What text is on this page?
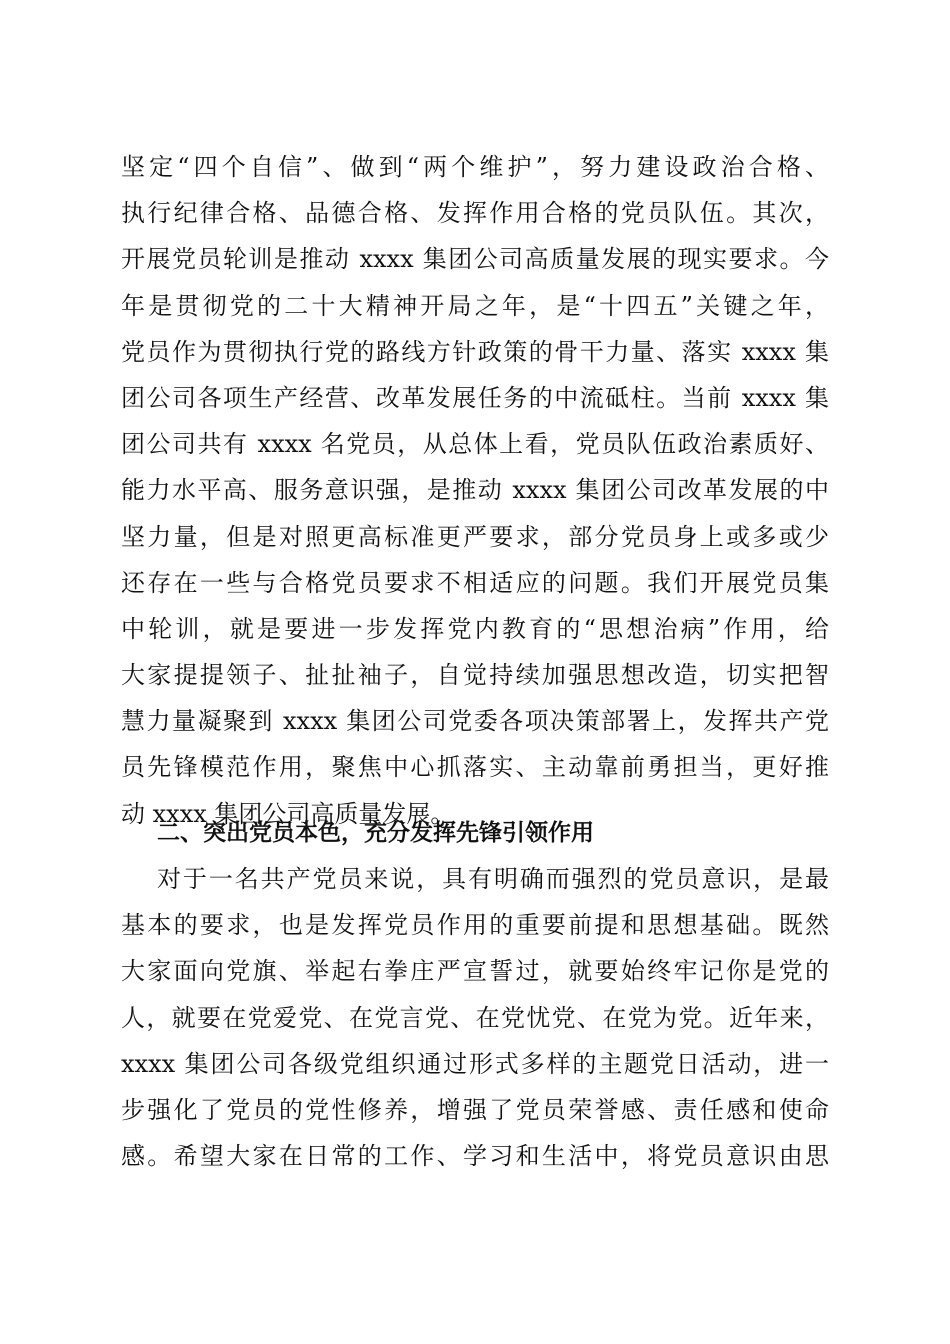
坚定“四个自信”、做到“两个维护”，努力建设政治合格、
执行纪律合格、品德合格、发挥作用合格的党员队伍。其次，
开展党员轮训是推动 xxxx 集团公司高质量发展的现实要求。今
年是贯彻党的二十大精神开局之年，是“十四五”关键之年，
党员作为贯彻执行党的路线方针政策的骨干力量、落实 xxxx 集
团公司各项生产经营、改革发展任务的中流砥柱。当前 xxxx 集
团公司共有 xxxx 名党员，从总体上看，党员队伍政治素质好、
能力水平高、服务意识强，是推动 xxxx 集团公司改革发展的中
坚力量，但是对照更高标准更严要求，部分党员身上或多或少
还存在一些与合格党员要求不相适应的问题。我们开展党员集
中轮训，就是要进一步发挥党内教育的“思想治病”作用，给
大家提提领子、扯扯袖子，自觉持续加强思想改造，切实把智
慧力量凝聚到 xxxx 集团公司党委各项决策部署上，发挥共产党
员先锋模范作用，聚焦中心抓落实、主动靠前勇担当，更好推
动 xxxx 集团公司高质量发展。
二、突出党员本色，充分发挥先锋引领作用
对于一名共产党员来说，具有明确而强烈的党员意识，是最
基本的要求，也是发挥党员作用的重要前提和思想基础。既然
大家面向党旗、举起右拳庄严宣誓过，就要始终牢记你是党的
人，就要在党爱党、在党言党、在党忧党、在党为党。近年来，
xxxx 集团公司各级党组织通过形式多样的主题党日活动，进一
步强化了党员的党性修养，增强了党员荣誉感、责任感和使命
感。希望大家在日常的工作、学习和生活中，将党员意识由思
